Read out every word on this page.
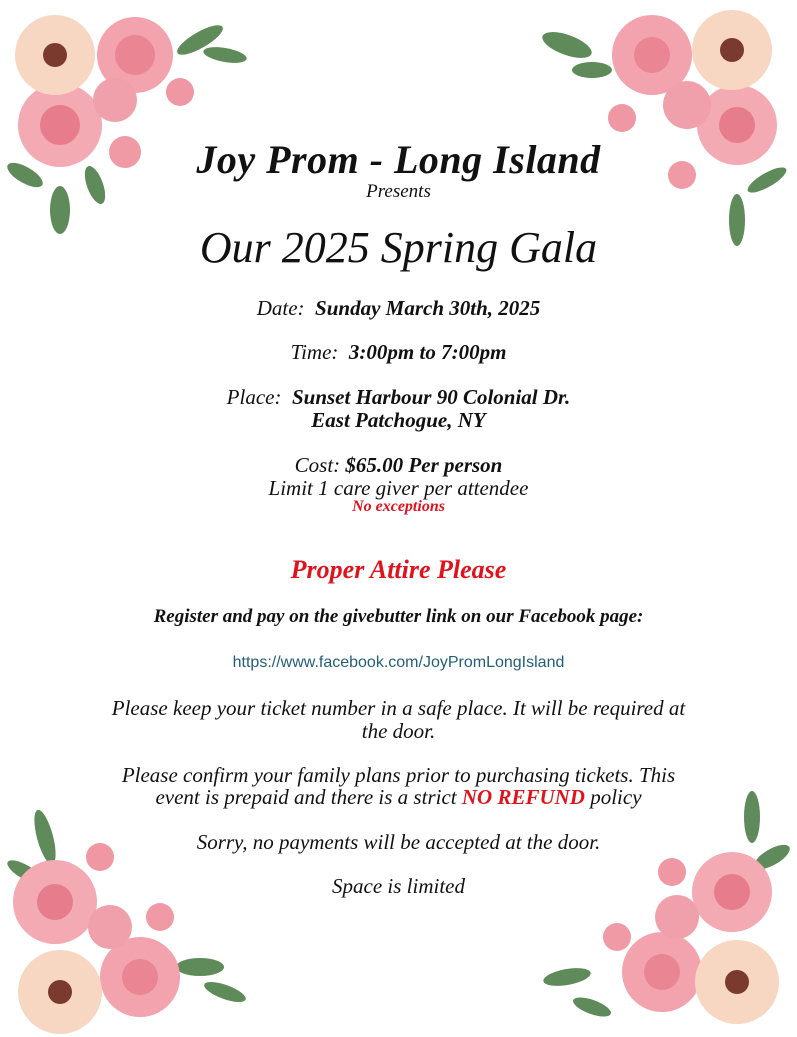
Joy Prom - Long Island
Presents
Our 2025 Spring Gala
Date: Sunday March 30th, 2025
Time: 3:00pm to 7:00pm
Place: Sunset Harbour 90 Colonial Dr.
East Patchogue, NY
Cost: $65.00 Per person
Limit 1 care giver per attendee
No exceptions
Proper Attire Please
Register and pay on the givebutter link on our Facebook page:
https://www.facebook.com/JoyPromLongIsland
Please keep your ticket number in a safe place. It will be required at
the door.
Please confirm your family plans prior to purchasing tickets. This
event is prepaid and there is a strict NO REFUND policy
Sorry, no payments will be accepted at the door.
Space is limited
